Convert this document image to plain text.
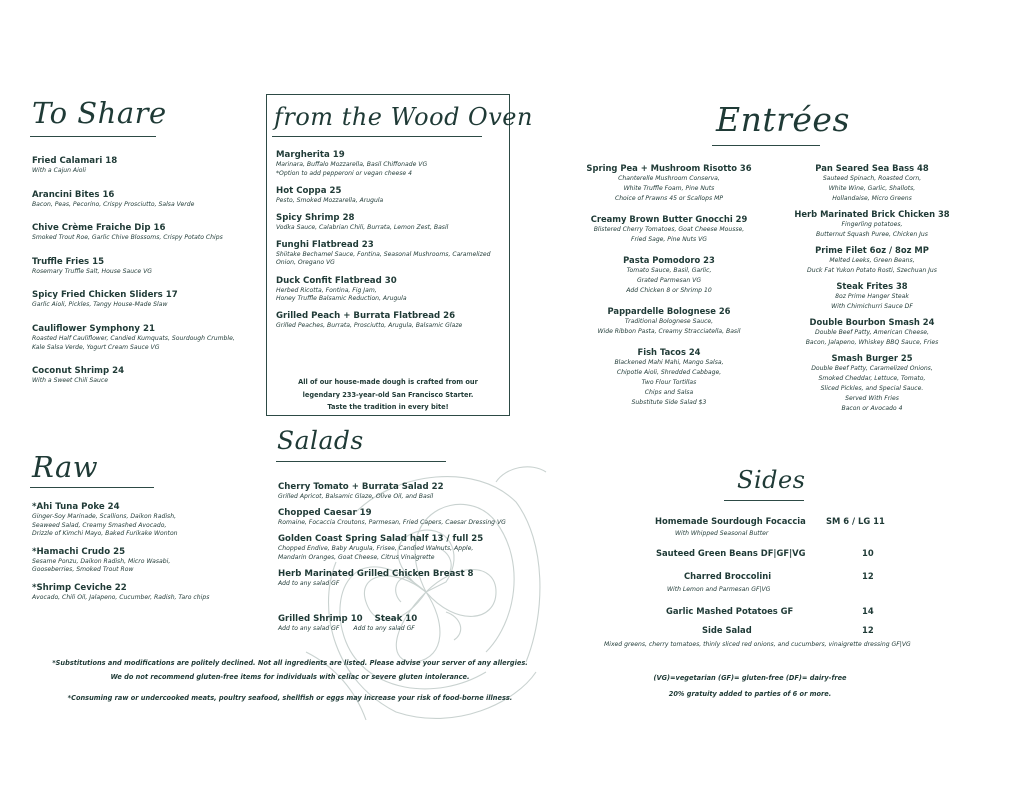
To Share
Fried Calamari 18
With a Cajun Aioli
Arancini Bites 16
Bacon, Peas, Pecorino, Crispy Prosciutto, Salsa Verde
Chive Crème Fraiche Dip 16
Smoked Trout Roe, Garlic Chive Blossoms, Crispy Potato Chips
Truffle Fries 15
Rosemary Truffle Salt, House Sauce VG
Spicy Fried Chicken Sliders 17
Garlic Aioli, Pickles, Tangy House-Made Slaw
Cauliflower Symphony 21
Roasted Half Cauliflower, Candied Kumquats, Sourdough Crumble,
Kale Salsa Verde, Yogurt Cream Sauce VG
Coconut Shrimp 24
With a Sweet Chili Sauce
from the Wood Oven
Margherita 19
Marinara, Buffalo Mozzarella, Basil Chiffonade VG
*Option to add pepperoni or vegan cheese 4
Hot Coppa 25
Pesto, Smoked Mozzarella, Arugula
Spicy Shrimp 28
Vodka Sauce, Calabrian Chili, Burrata, Lemon Zest, Basil
Funghi Flatbread 23
Shiitake Bechamel Sauce, Fontina, Seasonal Mushrooms, Caramelized
Onion, Oregano VG
Duck Confit Flatbread 30
Herbed Ricotta, Fontina, Fig Jam,
Honey Truffle Balsamic Reduction, Arugula
Grilled Peach + Burrata Flatbread 26
Grilled Peaches, Burrata, Prosciutto, Arugula, Balsamic Glaze
All of our house-made dough is crafted from our
legendary 233-year-old San Francisco Starter.
Taste the tradition in every bite!
Raw
*Ahi Tuna Poke 24
Ginger-Soy Marinade, Scallions, Daikon Radish,
Seaweed Salad, Creamy Smashed Avocado,
Drizzle of Kimchi Mayo, Baked Furikake Wonton
*Hamachi Crudo 25
Sesame Ponzu, Daikon Radish, Micro Wasabi,
Gooseberries, Smoked Trout Row
*Shrimp Ceviche 22
Avocado, Chili Oil, Jalapeno, Cucumber, Radish, Taro chips
Salads
Cherry Tomato + Burrata Salad 22
Grilled Apricot, Balsamic Glaze, Olive Oil, and Basil
Chopped Caesar 19
Romaine, Focaccia Croutons, Parmesan, Fried Capers, Caesar Dressing VG
Golden Coast Spring Salad half 13 / full 25
Chopped Endive, Baby Arugula, Frisee, Candied Walnuts, Apple,
Mandarin Oranges, Goat Cheese, Citrus Vinaigrette
Herb Marinated Grilled Chicken Breast 8
Add to any salad GF
Grilled Shrimp 10 Steak 10
Add to any salad GF Add to any salad GF
Entrées
Spring Pea + Mushroom Risotto 36
Chanterelle Mushroom Conserva,
White Truffle Foam, Pine Nuts
Choice of Prawns 45 or Scallops MP
Creamy Brown Butter Gnocchi 29
Blistered Cherry Tomatoes, Goat Cheese Mousse,
Fried Sage, Pine Nuts VG
Pasta Pomodoro 23
Tomato Sauce, Basil, Garlic,
Grated Parmesan VG
Add Chicken 8 or Shrimp 10
Pappardelle Bolognese 26
Traditional Bolognese Sauce,
Wide Ribbon Pasta, Creamy Stracciatella, Basil
Fish Tacos 24
Blackened Mahi Mahi, Mango Salsa,
Chipotle Aioli, Shredded Cabbage,
Two Flour Tortillas
Chips and Salsa
Substitute Side Salad $3
Pan Seared Sea Bass 48
Sauteed Spinach, Roasted Corn,
White Wine, Garlic, Shallots,
Hollandaise, Micro Greens
Herb Marinated Brick Chicken 38
Fingerling potatoes,
Butternut Squash Puree, Chicken Jus
Prime Filet 6oz / 8oz MP
Melted Leeks, Green Beans,
Duck Fat Yukon Potato Rosti, Szechuan Jus
Steak Frites 38
8oz Prime Hanger Steak
With Chimichurri Sauce DF
Double Bourbon Smash 24
Double Beef Patty, American Cheese,
Bacon, Jalapeno, Whiskey BBQ Sauce, Fries
Smash Burger 25
Double Beef Patty, Caramelized Onions,
Smoked Cheddar, Lettuce, Tomato,
Sliced Pickles, and Special Sauce.
Served With Fries
Bacon or Avocado 4
Sides
Homemade Sourdough Focaccia SM 6 / LG 11
With Whipped Seasonal Butter
Sauteed Green Beans DF|GF|VG	10
Charred Broccolini	12
With Lemon and Parmesan GF|VG
Garlic Mashed Potatoes GF	14
Side Salad	12
Mixed greens, cherry tomatoes, thinly sliced red onions, and cucumbers, vinaigrette dressing GF|VG
*Substitutions and modifications are politely declined. Not all ingredients are listed. Please advise your server of any allergies.
We do not recommend gluten-free items for individuals with celiac or severe gluten intolerance.
*Consuming raw or undercooked meats, poultry seafood, shellfish or eggs may increase your risk of food-borne illness.
(VG)=vegetarian (GF)= gluten-free (DF)= dairy-free
20% gratuity added to parties of 6 or more.
